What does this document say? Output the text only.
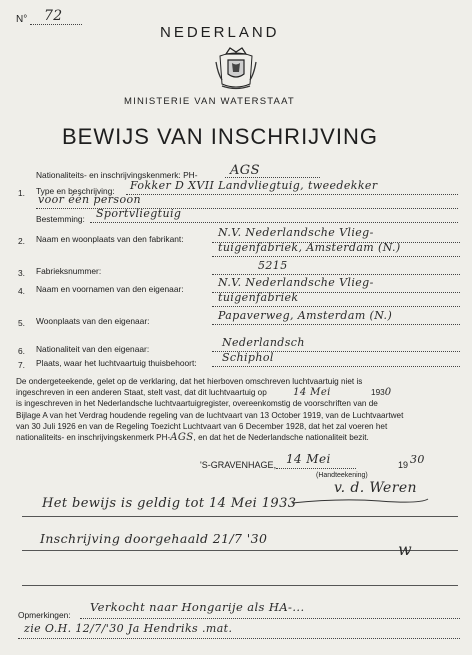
N° 72
NEDERLAND
MINISTERIE VAN WATERSTAAT
BEWIJS VAN INSCHRIJVING
Nationaliteits- en inschrijvingskenmerk: PH- AGS
1. Type en beschrijving: Fokker D XVII Landvliegtuig, tweedekker
voor één persoon
Bestemming: Sportvliegtuig
2. Naam en woonplaats van den fabrikant:	N.V. Nederlandsche Vlieg-
tuigenfabriek, Amsterdam (N.)
3. Fabrieksnummer:	5215
4. Naam en voornamen van den eigenaar:	N.V. Nederlandsche Vlieg-
tuigenfabriek
5. Woonplaats van den eigenaar:	Papaverweg, Amsterdam (N.)
6. Nationaliteit van den eigenaar:	Nederlandsch
7. Plaats, waar het luchtvaartuig thuisbehoort: Schiphol
De ondergeteekende, gelet op de verklaring, dat het hierboven omschreven luchtvaartuig niet is
ingeschreven in een anderen Staat, stelt vast, dat dit luchtvaartuig op	14 Mei	1930
is ingeschreven in het Nederlandsche luchtvaartuigregister, overeenkomstig de voorschriften van de
Bijlage A van het Verdrag houdende regeling van de luchtvaart van 13 October 1919, van de Luchtvaartwet
van 30 Juli 1926 en van de Regeling Toezicht Luchtvaart van 6 December 1928, dat het zal voeren het
nationaliteits- en inschrijvingskenmerk PH-AGS, en dat het de Nederlandsche nationaliteit bezit.
'S-GRAVENHAGE, 14 Mei	19 30
(Handteekening)
v. d. Weren
Het bewijs is geldig tot 14 Mei 1933
Inschrijving doorgehaald 21/7 '30
w
Opmerkingen:
Verkocht naar Hongarije als HA-...
zie O.H. 12/7/'30 Ja Hendriks .mat.
